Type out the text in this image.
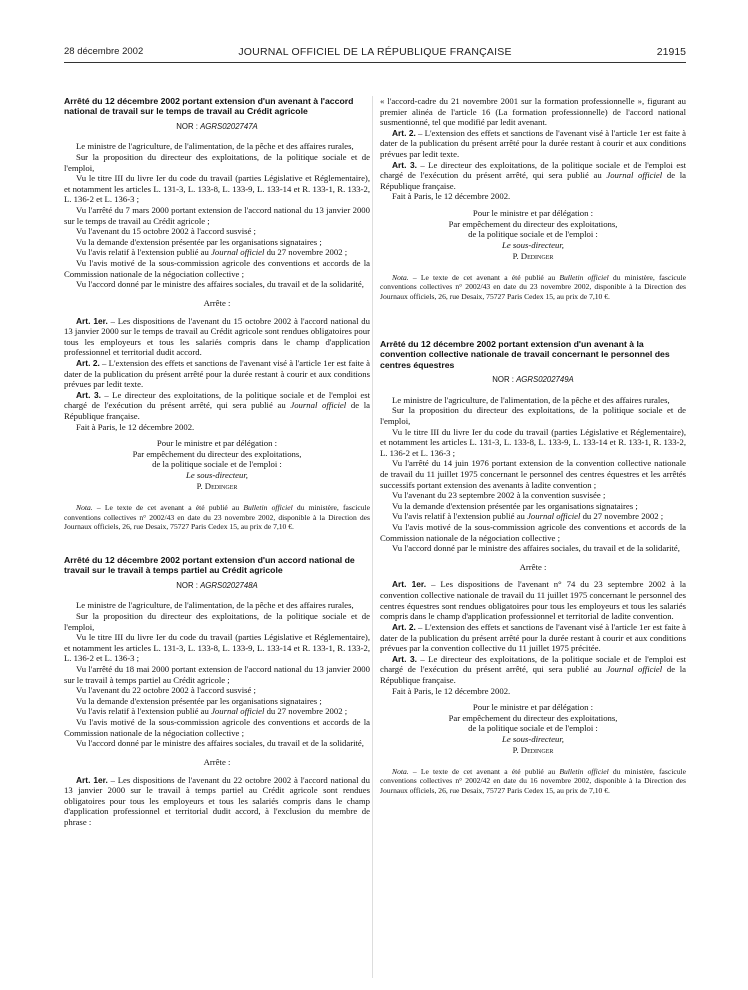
28 décembre 2002	JOURNAL OFFICIEL DE LA RÉPUBLIQUE FRANÇAISE	21915
Arrêté du 12 décembre 2002 portant extension d'un avenant à l'accord national de travail sur le temps de travail au Crédit agricole
NOR : AGRS0202747A

Le ministre de l'agriculture, de l'alimentation, de la pêche et des affaires rurales,

Sur la proposition du directeur des exploitations, de la politique sociale et de l'emploi,

Vu le titre III du livre Ier du code du travail (parties Législative et Réglementaire), et notamment les articles L. 131-3, L. 133-8, L. 133-9, L. 133-14 et R. 133-1, R. 133-2, L. 136-2 et L. 136-3 ;

Vu l'arrêté du 7 mars 2000 portant extension de l'accord national du 13 janvier 2000 sur le temps de travail au Crédit agricole ;

Vu l'avenant du 15 octobre 2002 à l'accord susvisé ;

Vu la demande d'extension présentée par les organisations signataires ;

Vu l'avis relatif à l'extension publié au Journal officiel du 27 novembre 2002 ;

Vu l'avis motivé de la sous-commission agricole des conventions et accords de la Commission nationale de la négociation collective ;

Vu l'accord donné par le ministre des affaires sociales, du travail et de la solidarité,

Arrête :

Art. 1er. – Les dispositions de l'avenant du 15 octobre 2002 à l'accord national du 13 janvier 2000 sur le temps de travail au Crédit agricole sont rendues obligatoires pour tous les employeurs et tous les salariés compris dans le champ d'application professionnel et territorial dudit accord.

Art. 2. – L'extension des effets et sanctions de l'avenant visé à l'article 1er est faite à dater de la publication du présent arrêté pour la durée restant à courir et aux conditions prévues par ledit texte.

Art. 3. – Le directeur des exploitations, de la politique sociale et de l'emploi est chargé de l'exécution du présent arrêté, qui sera publié au Journal officiel de la République française.

Fait à Paris, le 12 décembre 2002.

Pour le ministre et par délégation :
Par empêchement du directeur des exploitations,
de la politique sociale et de l'emploi :
Le sous-directeur,
P. Dedinger
Nota. – Le texte de cet avenant a été publié au Bulletin officiel du ministère, fascicule conventions collectives n° 2002/43 en date du 23 novembre 2002, disponible à la Direction des Journaux officiels, 26, rue Desaix, 75727 Paris Cedex 15, au prix de 7,10 €.
Arrêté du 12 décembre 2002 portant extension d'un accord national de travail sur le travail à temps partiel au Crédit agricole
NOR : AGRS0202748A

Le ministre de l'agriculture, de l'alimentation, de la pêche et des affaires rurales,

Sur la proposition du directeur des exploitations, de la politique sociale et de l'emploi,

Vu le titre III du livre Ier du code du travail (parties Législative et Réglementaire), et notamment les articles L. 131-3, L. 133-8, L. 133-9, L. 133-14 et R. 133-1, R. 133-2, L. 136-2 et L. 136-3 ;

Vu l'arrêté du 18 mai 2000 portant extension de l'accord national du 13 janvier 2000 sur le travail à temps partiel au Crédit agricole ;

Vu l'avenant du 22 octobre 2002 à l'accord susvisé ;

Vu la demande d'extension présentée par les organisations signataires ;

Vu l'avis relatif à l'extension publié au Journal officiel du 27 novembre 2002 ;

Vu l'avis motivé de la sous-commission agricole des conventions et accords de la Commission nationale de la négociation collective ;

Vu l'accord donné par le ministre des affaires sociales, du travail et de la solidarité,

Arrête :

Art. 1er. – Les dispositions de l'avenant du 22 octobre 2002 à l'accord national du 13 janvier 2000 sur le travail à temps partiel au Crédit agricole sont rendues obligatoires pour tous les employeurs et tous les salariés compris dans le champ d'application professionnel et territorial dudit accord, à l'exclusion du membre de phrase :

« l'accord-cadre du 21 novembre 2001 sur la formation professionnelle », figurant au premier alinéa de l'article 16 (La formation professionnelle) de l'accord national susmentionné, tel que modifié par ledit avenant.

Art. 2. – L'extension des effets et sanctions de l'avenant visé à l'article 1er est faite à dater de la publication du présent arrêté pour la durée restant à courir et aux conditions prévues par ledit texte.

Art. 3. – Le directeur des exploitations, de la politique sociale et de l'emploi est chargé de l'exécution du présent arrêté, qui sera publié au Journal officiel de la République française.

Fait à Paris, le 12 décembre 2002.

Pour le ministre et par délégation :
Par empêchement du directeur des exploitations,
de la politique sociale et de l'emploi :
Le sous-directeur,
P. Dedinger
Nota. – Le texte de cet avenant a été publié au Bulletin officiel du ministère, fascicule conventions collectives n° 2002/43 en date du 23 novembre 2002, disponible à la Direction des Journaux officiels, 26, rue Desaix, 75727 Paris Cedex 15, au prix de 7,10 €.
Arrêté du 12 décembre 2002 portant extension d'un avenant à la convention collective nationale de travail concernant le personnel des centres équestres
NOR : AGRS0202749A

Le ministre de l'agriculture, de l'alimentation, de la pêche et des affaires rurales,

Sur la proposition du directeur des exploitations, de la politique sociale et de l'emploi,

Vu le titre III du livre Ier du code du travail (parties Législative et Réglementaire), et notamment les articles L. 131-3, L. 133-8, L. 133-9, L. 133-14 et R. 133-1, R. 133-2, L. 136-2 et L. 136-3 ;

Vu l'arrêté du 14 juin 1976 portant extension de la convention collective nationale de travail du 11 juillet 1975 concernant le personnel des centres équestres et les arrêtés successifs portant extension des avenants à ladite convention ;

Vu l'avenant du 23 septembre 2002 à la convention susvisée ;

Vu la demande d'extension présentée par les organisations signataires ;

Vu l'avis relatif à l'extension publié au Journal officiel du 27 novembre 2002 ;

Vu l'avis motivé de la sous-commission agricole des conventions et accords de la Commission nationale de la négociation collective ;

Vu l'accord donné par le ministre des affaires sociales, du travail et de la solidarité,

Arrête :

Art. 1er. – Les dispositions de l'avenant n° 74 du 23 septembre 2002 à la convention collective nationale de travail du 11 juillet 1975 concernant le personnel des centres équestres sont rendues obligatoires pour tous les employeurs et tous les salariés compris dans le champ d'application professionnel et territorial de ladite convention.

Art. 2. – L'extension des effets et sanctions de l'avenant visé à l'article 1er est faite à dater de la publication du présent arrêté pour la durée restant à courir et aux conditions prévues par la convention collective du 11 juillet 1975 précitée.

Art. 3. – Le directeur des exploitations, de la politique sociale et de l'emploi est chargé de l'exécution du présent arrêté, qui sera publié au Journal officiel de la République française.

Fait à Paris, le 12 décembre 2002.

Pour le ministre et par délégation :
Par empêchement du directeur des exploitations,
de la politique sociale et de l'emploi :
Le sous-directeur,
P. Dedinger
Nota. – Le texte de cet avenant a été publié au Bulletin officiel du ministère, fascicule conventions collectives n° 2002/42 en date du 16 novembre 2002, disponible à la Direction des Journaux officiels, 26, rue Desaix, 75727 Paris Cedex 15, au prix de 7,10 €.
